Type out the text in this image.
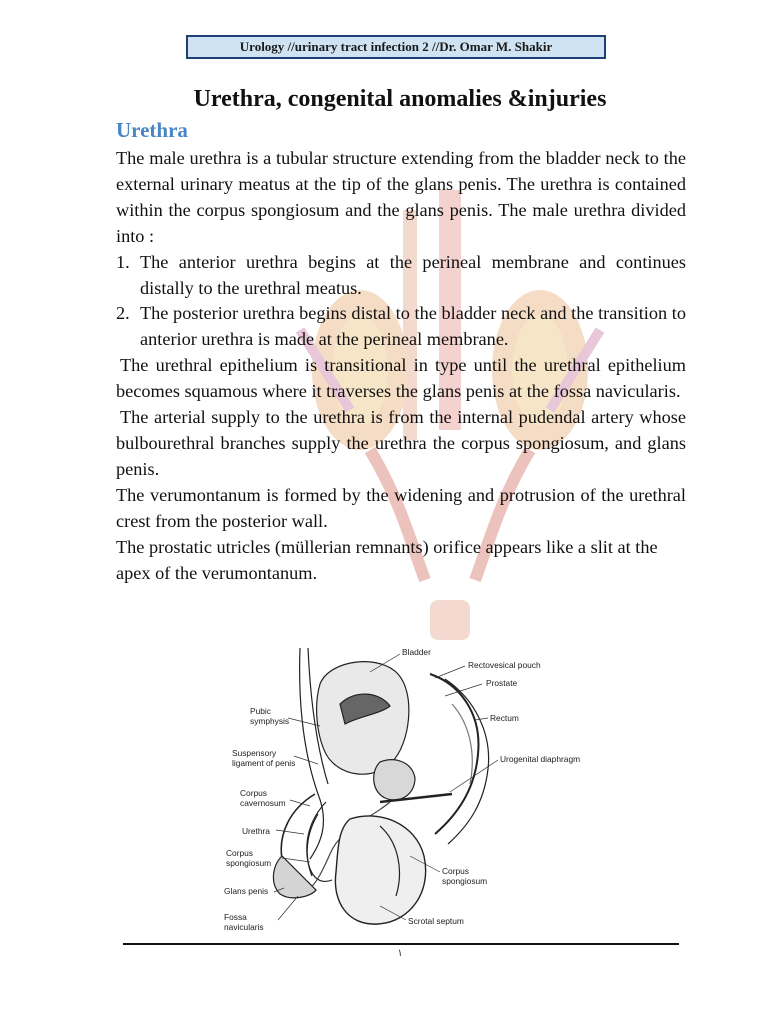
Urology //urinary tract infection 2 //Dr. Omar M. Shakir
Urethra, congenital anomalies &injuries
Urethra

The male urethra is a tubular structure extending from the bladder neck to the external urinary meatus at the tip of the glans penis. The urethra is contained within the corpus spongiosum and the glans penis. The male urethra divided into :

1. The anterior urethra begins at the perineal membrane and continues distally to the urethral meatus.
2. The posterior urethra begins distal to the bladder neck and the transition to anterior urethra is made at the perineal membrane.

The urethral epithelium is transitional in type until the urethral epithelium becomes squamous where it traverses the glans penis at the fossa navicularis.

The arterial supply to the urethra is from the internal pudendal artery whose bulbourethral branches supply the urethra the corpus spongiosum, and glans penis.

The verumontanum is formed by the widening and protrusion of the urethral crest from the posterior wall.

The prostatic utricles (müllerian remnants) orifice appears like a slit at the apex of the verumontanum.

Bladder
Rectovesical pouch
Prostate
Pubic
symphysis	Rectum
Suspensory
ligament of penis	Urogenital diaphragm
Corpus
cavernosum
Urethra
Corpus
spongiosum
Glans penis
Corpus
spongiosum
Fossa
navicularis
Scrotal septum
١
